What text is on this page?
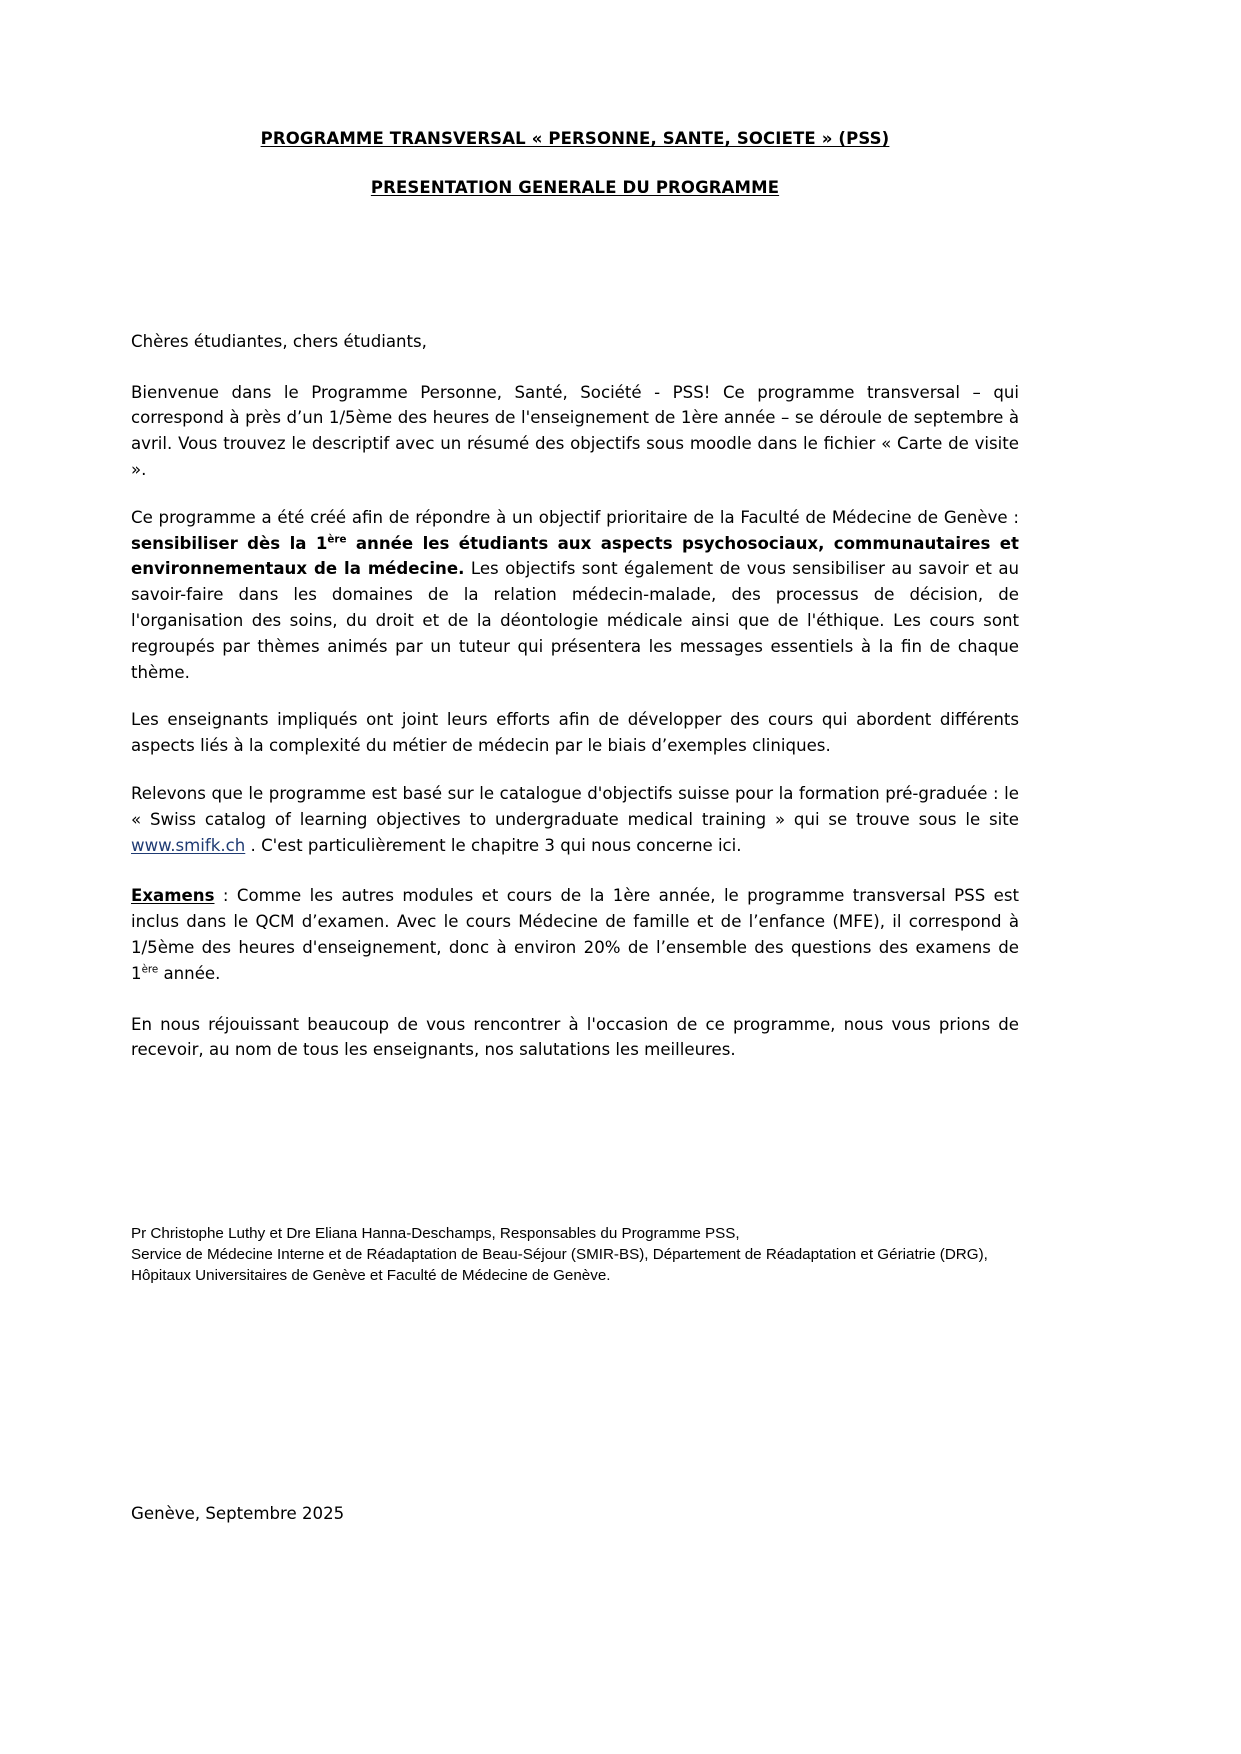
PROGRAMME TRANSVERSAL « PERSONNE, SANTE, SOCIETE » (PSS)
PRESENTATION GENERALE DU PROGRAMME

Chères étudiantes, chers étudiants,

Bienvenue dans le Programme Personne, Santé, Société - PSS! Ce programme transversal – qui correspond à près d’un 1/5ème des heures de l'enseignement de 1ère année – se déroule de septembre à avril. Vous trouvez le descriptif avec un résumé des objectifs sous moodle dans le fichier « Carte de visite ».

Ce programme a été créé afin de répondre à un objectif prioritaire de la Faculté de Médecine de Genève : sensibiliser dès la 1ère année les étudiants aux aspects psychosociaux, communautaires et environnementaux de la médecine. Les objectifs sont également de vous sensibiliser au savoir et au savoir-faire dans les domaines de la relation médecin-malade, des processus de décision, de l'organisation des soins, du droit et de la déontologie médicale ainsi que de l'éthique. Les cours sont regroupés par thèmes animés par un tuteur qui présentera les messages essentiels à la fin de chaque thème.

Les enseignants impliqués ont joint leurs efforts afin de développer des cours qui abordent différents aspects liés à la complexité du métier de médecin par le biais d’exemples cliniques.

Relevons que le programme est basé sur le catalogue d'objectifs suisse pour la formation pré-graduée : le « Swiss catalog of learning objectives to undergraduate medical training » qui se trouve sous le site www.smifk.ch . C'est particulièrement le chapitre 3 qui nous concerne ici.

Examens : Comme les autres modules et cours de la 1ère année, le programme transversal PSS est inclus dans le QCM d’examen. Avec le cours Médecine de famille et de l’enfance (MFE), il correspond à 1/5ème des heures d'enseignement, donc à environ 20% de l’ensemble des questions des examens de 1ère année.

En nous réjouissant beaucoup de vous rencontrer à l'occasion de ce programme, nous vous prions de recevoir, au nom de tous les enseignants, nos salutations les meilleures.

Pr Christophe Luthy et Dre Eliana Hanna-Deschamps, Responsables du Programme PSS,
Service de Médecine Interne et de Réadaptation de Beau-Séjour (SMIR-BS), Département de Réadaptation et Gériatrie (DRG), Hôpitaux Universitaires de Genève et Faculté de Médecine de Genève.
Genève, Septembre 2025
